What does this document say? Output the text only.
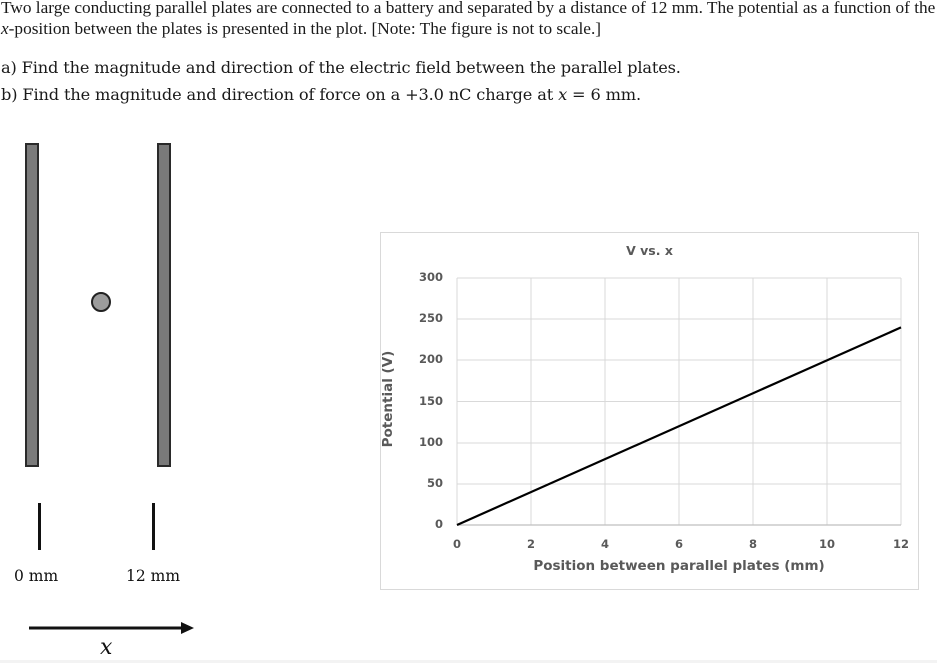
Two large conducting parallel plates are connected to a battery and separated by a distance of 12 mm. The potential as a function of the x-position between the plates is presented in the plot. [Note: The figure is not to scale.]
a) Find the magnitude and direction of the electric field between the parallel plates.
b) Find the magnitude and direction of force on a +3.0 nC charge at x = 6 mm.
0 mm	12 mm
x
V vs. x
300
250
200
150
100
50
0
0	2	4	6	8	10	12
Position between parallel plates (mm)
Potential (V)
